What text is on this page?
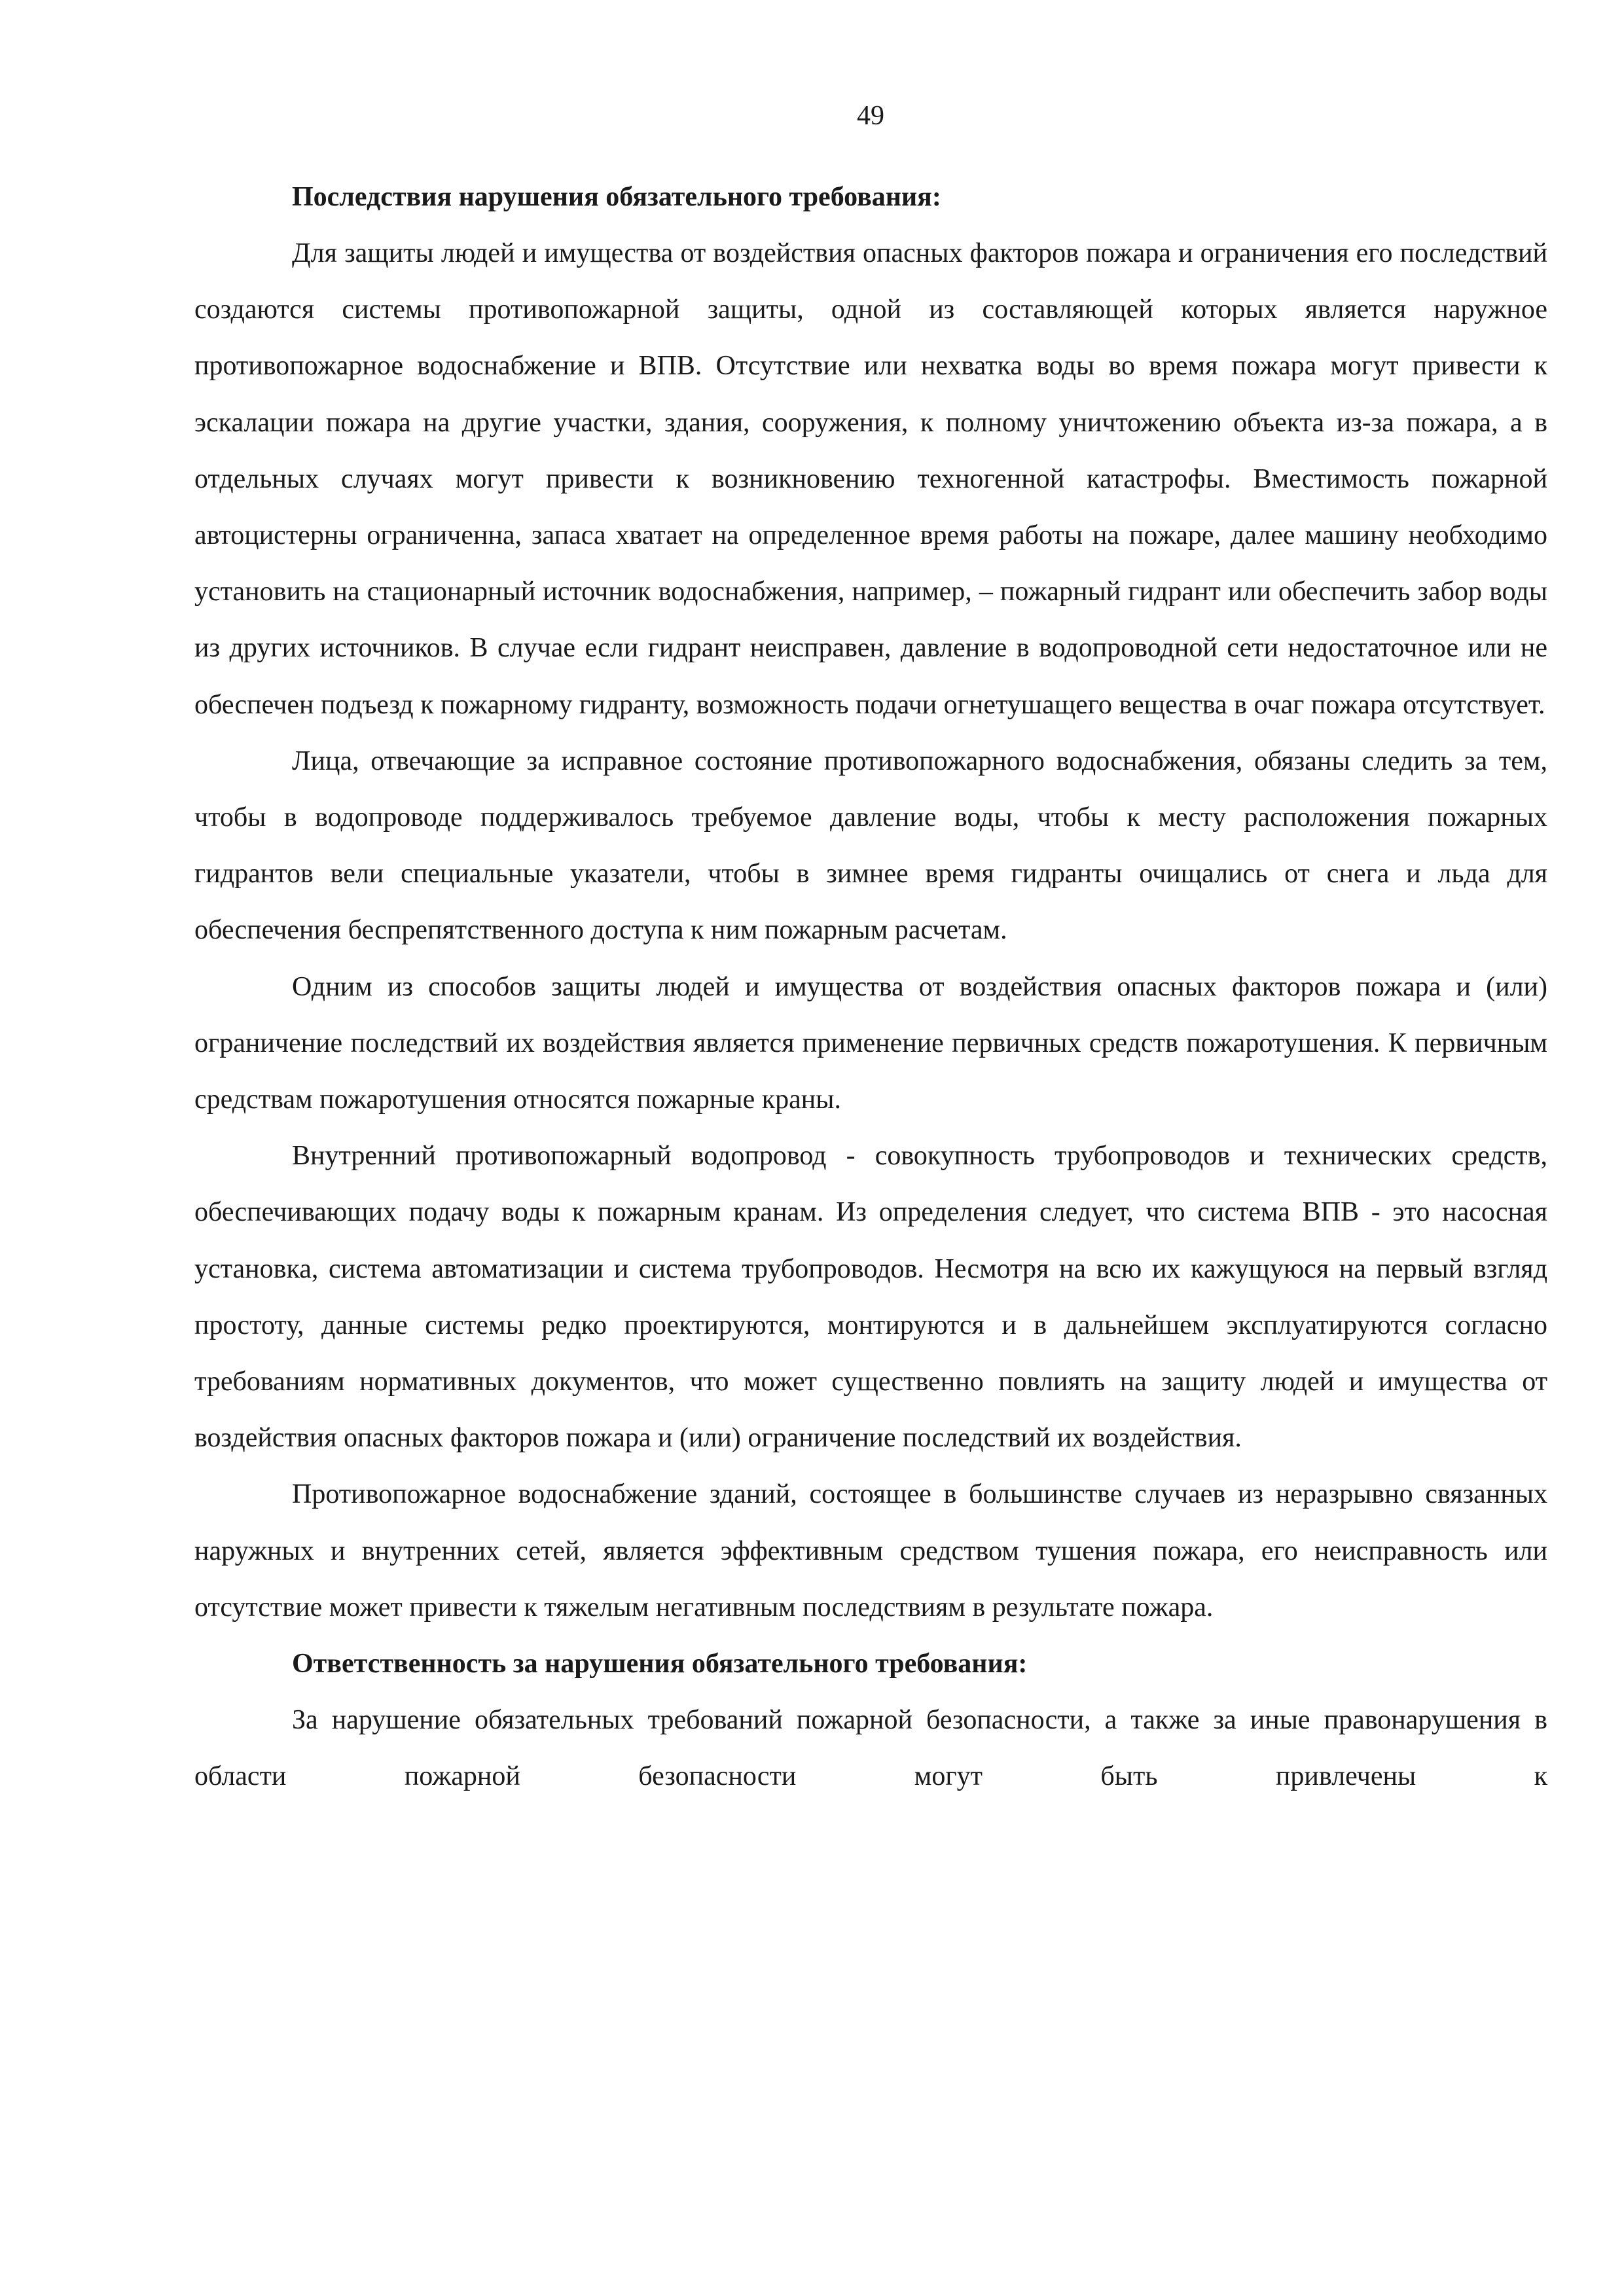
49

Последствия нарушения обязательного требования:

Для защиты людей и имущества от воздействия опасных факторов пожара и ограничения его последствий создаются системы противопожарной защиты, одной из составляющей которых является наружное противопожарное водоснабжение и ВПВ. Отсутствие или нехватка воды во время пожара могут привести к эскалации пожара на другие участки, здания, сооружения, к полному уничтожению объекта из-за пожара, а в отдельных случаях могут привести к возникновению техногенной катастрофы. Вместимость пожарной автоцистерны ограниченна, запаса хватает на определенное время работы на пожаре, далее машину необходимо установить на стационарный источник водоснабжения, например, – пожарный гидрант или обеспечить забор воды из других источников. В случае если гидрант неисправен, давление в водопроводной сети недостаточное или не обеспечен подъезд к пожарному гидранту, возможность подачи огнетушащего вещества в очаг пожара отсутствует.

Лица, отвечающие за исправное состояние противопожарного водоснабжения, обязаны следить за тем, чтобы в водопроводе поддерживалось требуемое давление воды, чтобы к месту расположения пожарных гидрантов вели специальные указатели, чтобы в зимнее время гидранты очищались от снега и льда для обеспечения беспрепятственного доступа к ним пожарным расчетам.

Одним из способов защиты людей и имущества от воздействия опасных факторов пожара и (или) ограничение последствий их воздействия является применение первичных средств пожаротушения. К первичным средствам пожаротушения относятся пожарные краны.

Внутренний противопожарный водопровод - совокупность трубопроводов и технических средств, обеспечивающих подачу воды к пожарным кранам. Из определения следует, что система ВПВ - это насосная установка, система автоматизации и система трубопроводов. Несмотря на всю их кажущуюся на первый взгляд простоту, данные системы редко проектируются, монтируются и в дальнейшем эксплуатируются согласно требованиям нормативных документов, что может существенно повлиять на защиту людей и имущества от воздействия опасных факторов пожара и (или) ограничение последствий их воздействия.

Противопожарное водоснабжение зданий, состоящее в большинстве случаев из неразрывно связанных наружных и внутренних сетей, является эффективным средством тушения пожара, его неисправность или отсутствие может привести к тяжелым негативным последствиям в результате пожара.

Ответственность за нарушения обязательного требования:

За нарушение обязательных требований пожарной безопасности, а также за иные правонарушения в области пожарной безопасности могут быть привлечены к
